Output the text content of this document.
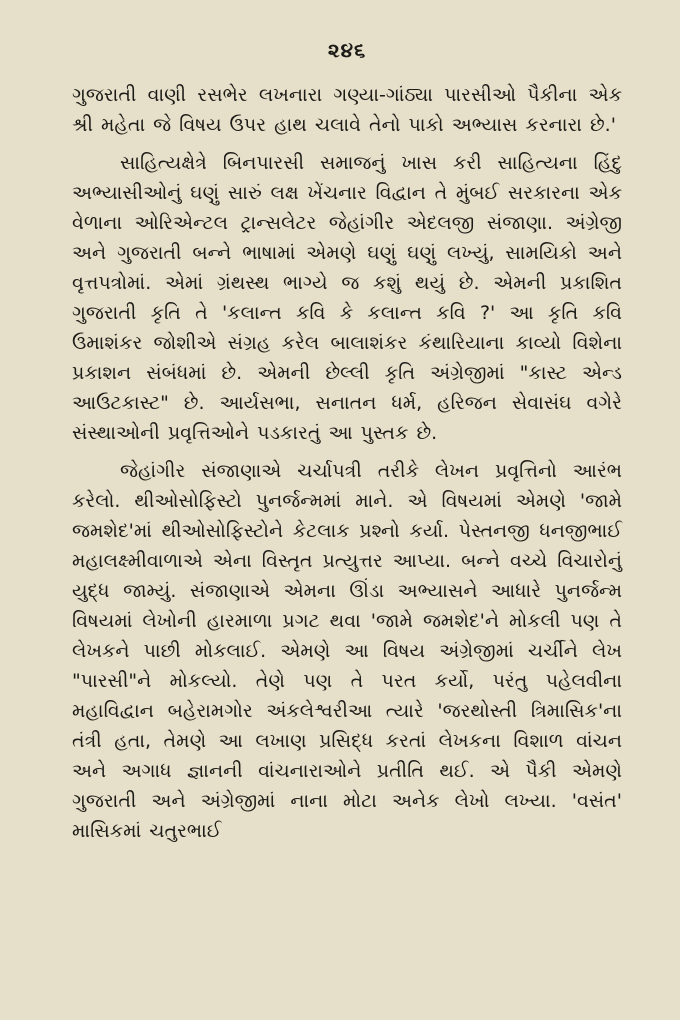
૨૪૬

ગુજરાતી વાણી રસભેર લખનારા ગણ્યા-ગાંઠ્યા પારસીઓ પૈકીના એક શ્રી મહેતા જે વિષય ઉપર હાથ ચલાવે તેનો પાકો અભ્યાસ કરનારા છે.'

સાહિત્યક્ષેત્રે બિનપારસી સમાજનું ખાસ કરી સાહિત્યના હિંદુ અભ્યાસીઓનું ઘણું સારું લક્ષ ખેંચનાર વિદ્વાન તે મુંબઈ સરકારના એક વેળાના ઓરિએન્ટલ ટ્રાન્સલેટર જેહાંગીર એદલજી સંજાણા. અંગ્રેજી અને ગુજરાતી બન્ને ભાષામાં એમણે ઘણું ઘણું લખ્યું, સામયિકો અને વૃત્તપત્રોમાં. એમાં ગ્રંથસ્થ ભાગ્યે જ કશું થયું છે. એમની પ્રકાશિત ગુજરાતી કૃતિ તે 'કલાન્ત કવિ કે કલાન્ત કવિ ?' આ કૃતિ કવિ ઉમાશંકર જોશીએ સંગ્રહ કરેલ બાલાશંકર કંથારિયાના કાવ્યો વિશેના પ્રકાશન સંબંધમાં છે. એમની છેલ્લી કૃતિ અંગ્રેજીમાં "કાસ્ટ એન્ડ આઉટકાસ્ટ" છે. આર્યસભા, સનાતન ધર્મ, હરિજન સેવાસંઘ વગેરે સંસ્થાઓની પ્રવૃત્તિઓને પડકારતું આ પુસ્તક છે.

જેહાંગીર સંજાણાએ ચર્ચાપત્રી તરીકે લેખન પ્રવૃત્તિનો આરંભ કરેલો. થીઓસોફિસ્ટો પુનર્જન્મમાં માને. એ વિષયમાં એમણે 'જામે જમશેદ'માં થીઓસોફિસ્ટોને કેટલાક પ્રશ્નો કર્યા. પેસ્તનજી ધનજીભાઈ મહાલક્ષ્મીવાળાએ એના વિસ્તૃત પ્રત્યુત્તર આપ્યા. બન્ને વચ્ચે વિચારોનું યુદ્ધ જામ્યું. સંજાણાએ એમના ઊંડા અભ્યાસને આધારે પુનર્જન્મ વિષયમાં લેખોની હારમાળા પ્રગટ થવા 'જામે જમશેદ'ને મોકલી પણ તે લેખકને પાછી મોકલાઈ. એમણે આ વિષય અંગ્રેજીમાં ચર્ચીને લેખ "પારસી"ને મોકલ્યો. તેણે પણ તે પરત કર્યો, પરંતુ પહેલવીના મહાવિદ્વાન બહેરામગોર અંકલેશ્વરીઆ ત્યારે 'જરથોસ્તી ત્રિમાસિક'ના તંત્રી હતા, તેમણે આ લખાણ પ્રસિદ્ધ કરતાં લેખકના વિશાળ વાંચન અને અગાધ જ્ઞાનની વાંચનારાઓને પ્રતીતિ થઈ. એ પૈકી એમણે ગુજરાતી અને અંગ્રેજીમાં નાના મોટા અનેક લેખો લખ્યા. 'વસંત' માસિકમાં ચતુરભાઈ
